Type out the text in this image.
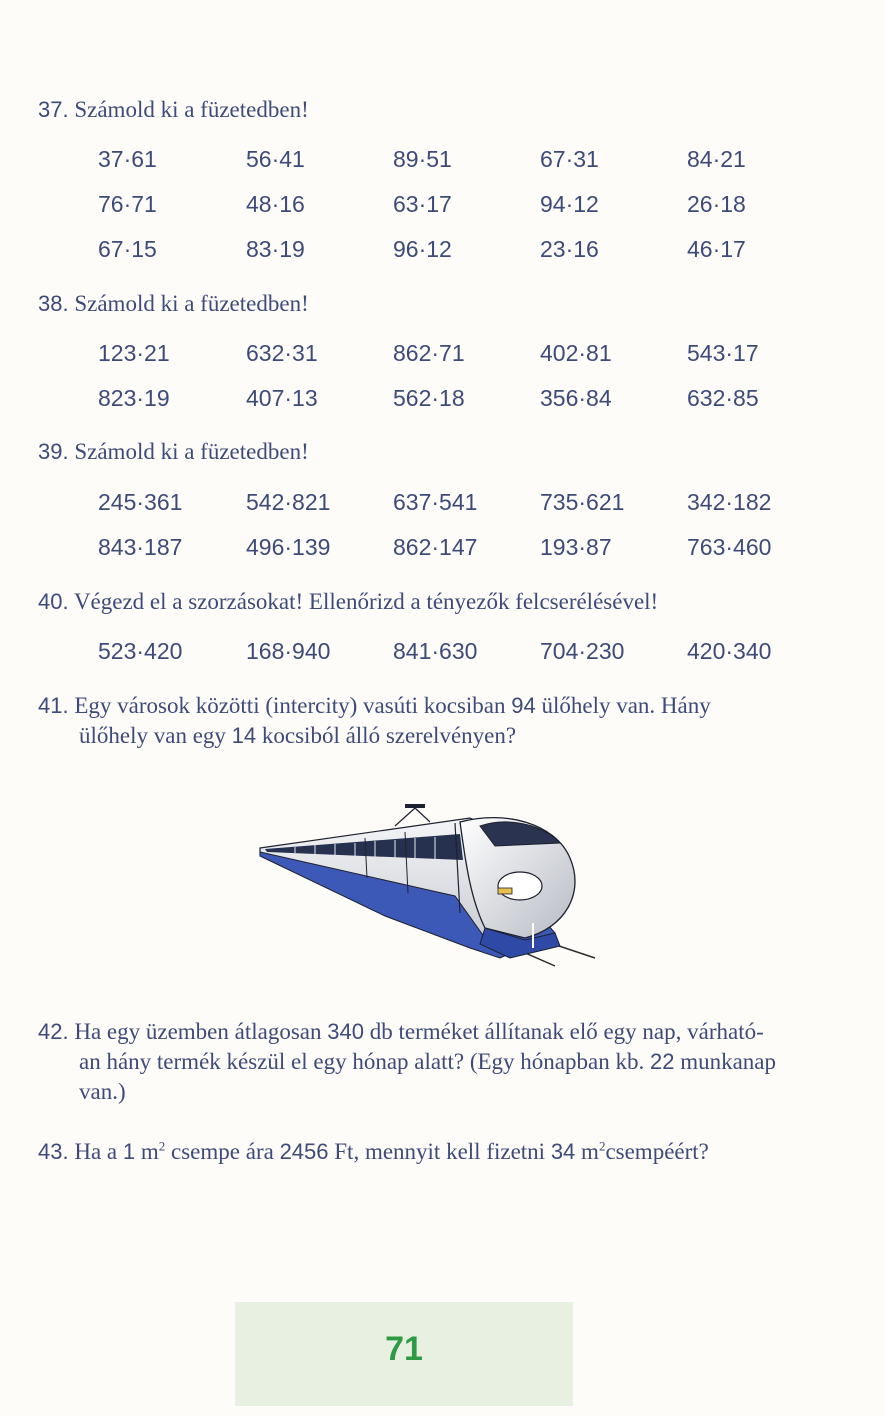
37. Számold ki a füzetedben!
37·61	56·41	89·51	67·31	84·21
76·71	48·16	63·17	94·12	26·18
67·15	83·19	96·12	23·16	46·17
38. Számold ki a füzetedben!
123·21	632·31	862·71	402·81	543·17
823·19	407·13	562·18	356·84	632·85
39. Számold ki a füzetedben!
245·361	542·821	637·541	735·621	342·182
843·187	496·139	862·147	193·87	763·460
40. Végezd el a szorzásokat! Ellenőrizd a tényezők felcserélésével!
523·420	168·940	841·630	704·230	420·340
41. Egy városok közötti (intercity) vasúti kocsiban 94 ülőhely van. Hány
ülőhely van egy 14 kocsiból álló szerelvényen?
42. Ha egy üzemben átlagosan 340 db terméket állítanak elő egy nap, várható-
an hány termék készül el egy hónap alatt? (Egy hónapban kb. 22 munkanap
van.)
43. Ha a 1 $m^2$ csempe ára 2456 Ft, mennyit kell fizetni 34 $m^2csempéért$?
71
